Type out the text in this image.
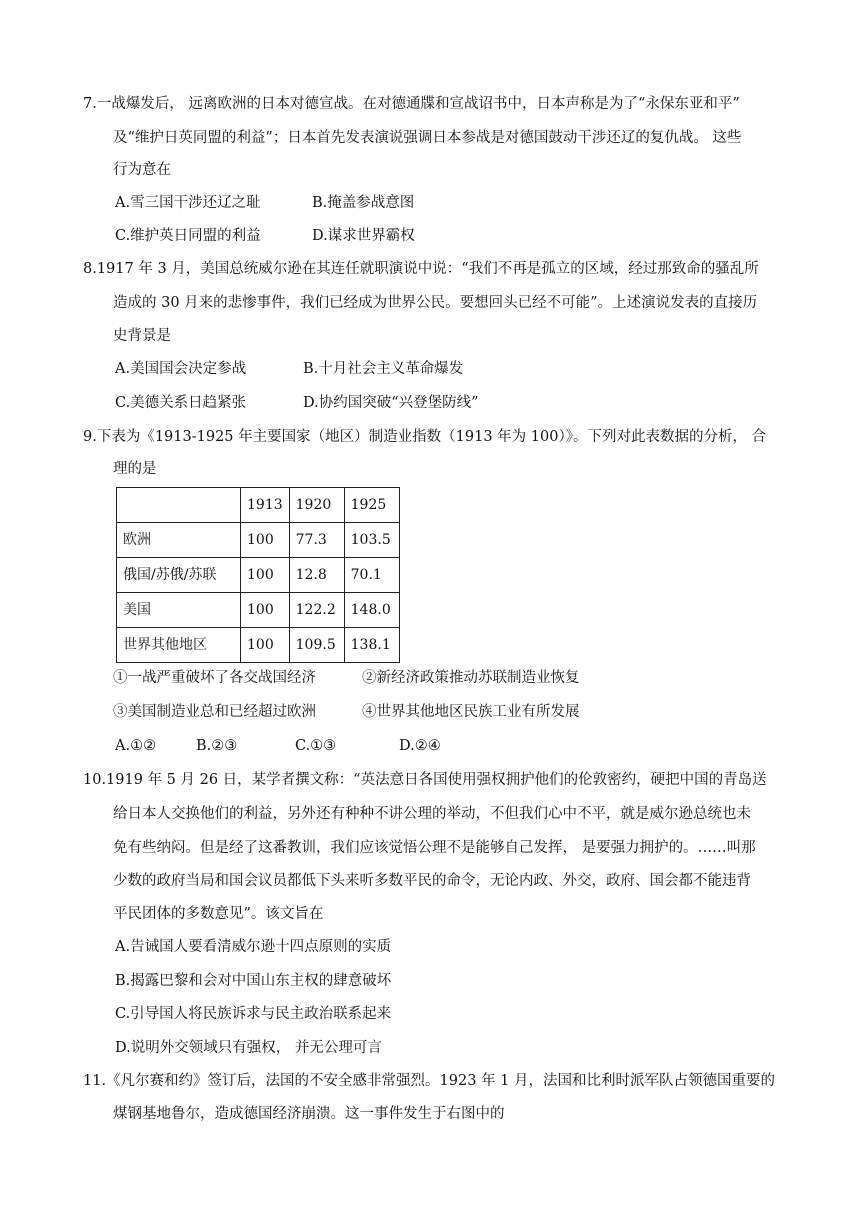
7.一战爆发后， 远离欧洲的日本对德宣战。在对德通牒和宣战诏书中，日本声称是为了“永保东亚和平”
及“维护日英同盟的利益”；日本首先发表演说强调日本参战是对德国鼓动干涉还辽的复仇战。 这些
行为意在
A.雪三国干涉还辽之耻	B.掩盖参战意图
C.维护英日同盟的利益	D.谋求世界霸权
8.1917 年 3 月，美国总统威尔逊在其连任就职演说中说：“我们不再是孤立的区域，经过那致命的骚乱所
造成的 30 月来的悲惨事件，我们已经成为世界公民。要想回头已经不可能”。上述演说发表的直接历
史背景是
A.美国国会决定参战	B.十月社会主义革命爆发
C.美德关系日趋紧张	D.协约国突破“兴登堡防线”
9.下表为《1913-1925 年主要国家（地区）制造业指数（1913 年为 100）》。下列对此表数据的分析， 合
理的是
	1913	1920	1925
欧洲	100	77.3	103.5
俄国/苏俄/苏联	100	12.8	70.1
美国	100	122.2	148.0
世界其他地区	100	109.5	138.1
①一战严重破坏了各交战国经济	②新经济政策推动苏联制造业恢复
③美国制造业总和已经超过欧洲	④世界其他地区民族工业有所发展
A.①②	B.②③	C.①③	D.②④
10.1919 年 5 月 26 日，某学者撰文称：“英法意日各国使用强权拥护他们的伦敦密约，硬把中国的青岛送
给日本人交换他们的利益，另外还有种种不讲公理的举动，不但我们心中不平，就是威尔逊总统也未
免有些纳闷。但是经了这番教训，我们应该觉悟公理不是能够自己发挥， 是要强力拥护的。……叫那
少数的政府当局和国会议员都低下头来听多数平民的命令，无论内政、外交，政府、国会都不能违背
平民团体的多数意见”。该文旨在
A.告诫国人要看清威尔逊十四点原则的实质
B.揭露巴黎和会对中国山东主权的肆意破坏
C.引导国人将民族诉求与民主政治联系起来
D.说明外交领域只有强权， 并无公理可言
11.《凡尔赛和约》签订后，法国的不安全感非常强烈。1923 年 1 月，法国和比利时派军队占领德国重要的
煤钢基地鲁尔，造成德国经济崩溃。这一事件发生于右图中的
